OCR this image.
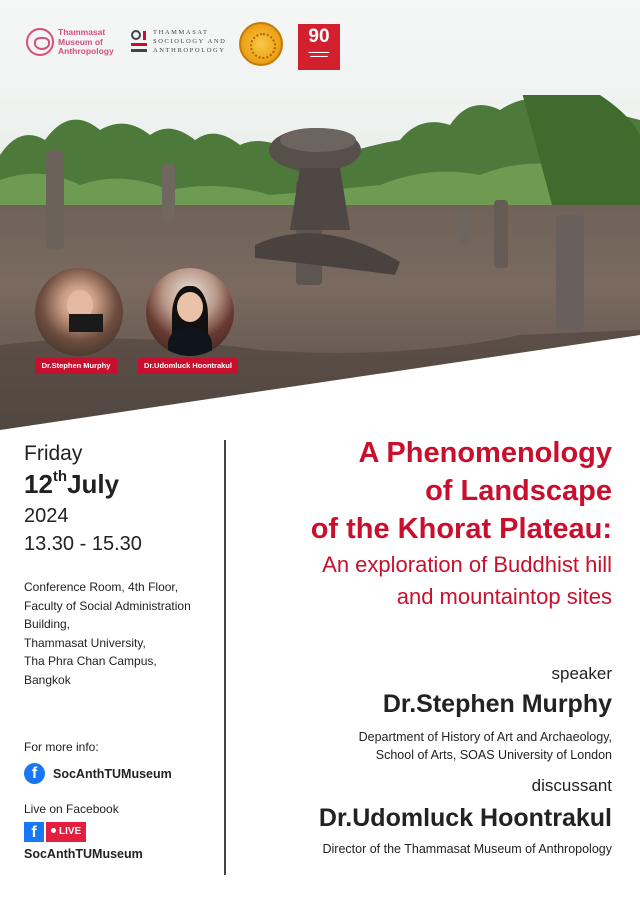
Thammasat
Museum of
Anthropology
THAMMASAT
SOCIOLOGY AND
ANTHROPOLOGY
90
▬▬▬▬▬▬
▬▬▬▬▬
Dr.Stephen Murphy	Dr.Udomluck Hoontrakul
Friday
12thJuly
2024
13.30 - 15.30
Conference Room, 4th Floor,
Faculty of Social Administration
Building,
Thammasat University,
Tha Phra Chan Campus,
Bangkok
For more info:
f	SocAnthTUMuseum
Live on Facebook
f	LIVE
SocAnthTUMuseum
A Phenomenology
of Landscape
of the Khorat Plateau:
An exploration of Buddhist hill
and mountaintop sites
speaker
Dr.Stephen Murphy
Department of History of Art and Archaeology,
School of Arts, SOAS University of London
discussant
Dr.Udomluck Hoontrakul
Director of the Thammasat Museum of Anthropology
